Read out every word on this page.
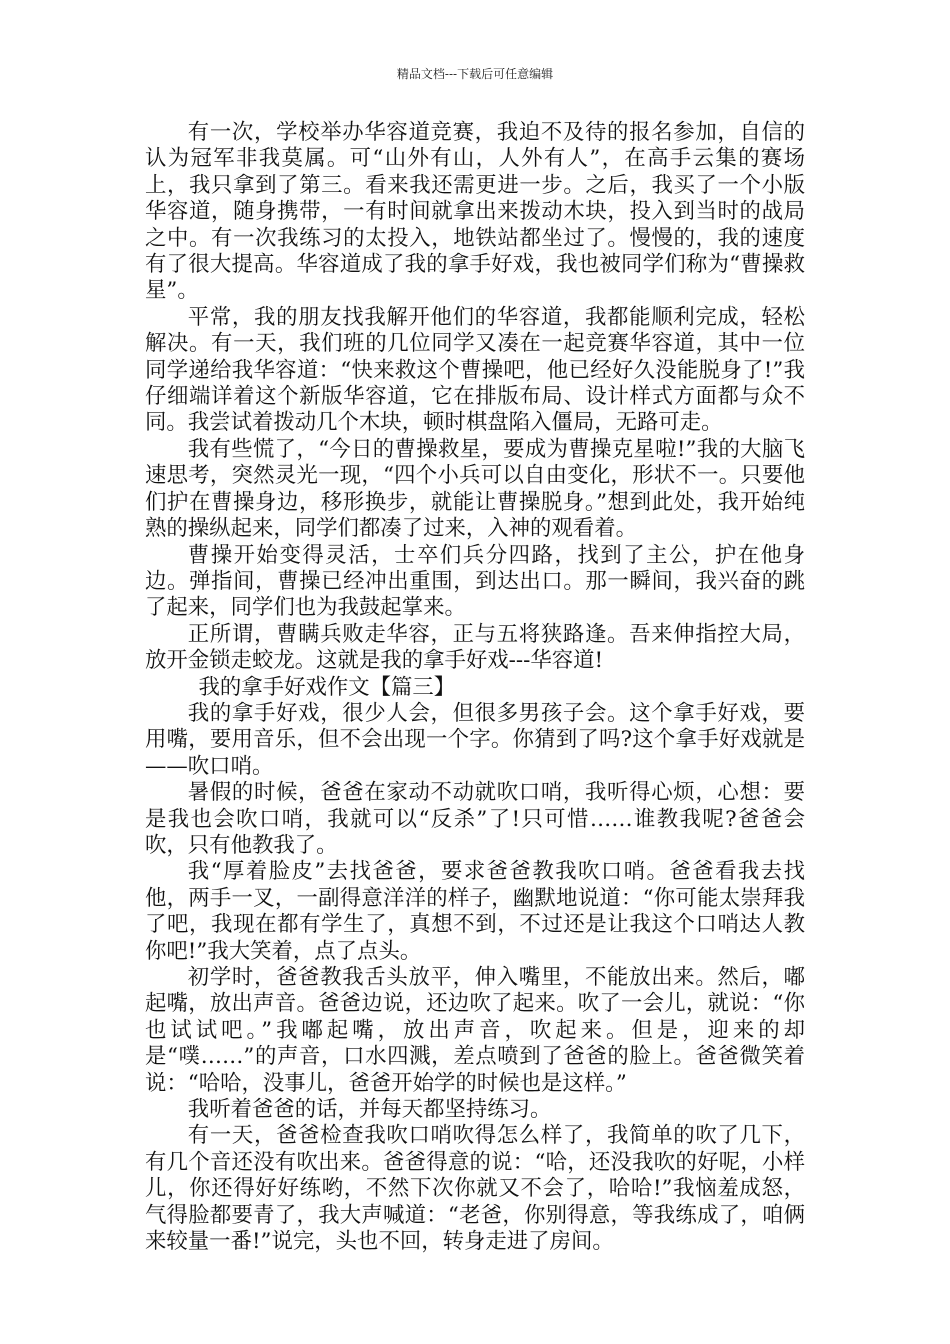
精品文档---下载后可任意编辑

有一次，学校举办华容道竞赛，我迫不及待的报名参加，自信的认为冠军非我莫属。可“山外有山，人外有人”，在高手云集的赛场上，我只拿到了第三。看来我还需更进一步。之后，我买了一个小版华容道，随身携带，一有时间就拿出来拨动木块，投入到当时的战局之中。有一次我练习的太投入，地铁站都坐过了。慢慢的，我的速度有了很大提高。华容道成了我的拿手好戏，我也被同学们称为“曹操救星”。

平常，我的朋友找我解开他们的华容道，我都能顺利完成，轻松解决。有一天，我们班的几位同学又凑在一起竞赛华容道，其中一位同学递给我华容道：“快来救这个曹操吧，他已经好久没能脱身了!”我仔细端详着这个新版华容道，它在排版布局、设计样式方面都与众不同。我尝试着拨动几个木块，顿时棋盘陷入僵局，无路可走。

我有些慌了，“今日的曹操救星，要成为曹操克星啦!”我的大脑飞速思考，突然灵光一现，“四个小兵可以自由变化，形状不一。只要他们护在曹操身边，移形换步，就能让曹操脱身。”想到此处，我开始纯熟的操纵起来，同学们都凑了过来，入神的观看着。

曹操开始变得灵活，士卒们兵分四路，找到了主公，护在他身边。弹指间，曹操已经冲出重围，到达出口。那一瞬间，我兴奋的跳了起来，同学们也为我鼓起掌来。

正所谓，曹瞒兵败走华容，正与五将狭路逢。吾来伸指控大局，放开金锁走蛟龙。这就是我的拿手好戏---华容道!

我的拿手好戏作文【篇三】

我的拿手好戏，很少人会，但很多男孩子会。这个拿手好戏，要用嘴，要用音乐，但不会出现一个字。你猜到了吗?这个拿手好戏就是——吹口哨。

暑假的时候，爸爸在家动不动就吹口哨，我听得心烦，心想：要是我也会吹口哨，我就可以“反杀”了!只可惜……谁教我呢?爸爸会吹，只有他教我了。

我“厚着脸皮”去找爸爸，要求爸爸教我吹口哨。爸爸看我去找他，两手一叉，一副得意洋洋的样子，幽默地说道：“你可能太崇拜我了吧，我现在都有学生了，真想不到，不过还是让我这个口哨达人教你吧!”我大笑着，点了点头。

初学时，爸爸教我舌头放平，伸入嘴里，不能放出来。然后，嘟起嘴，放出声音。爸爸边说，还边吹了起来。吹了一会儿，就说：“你也试试吧。”我嘟起嘴，放出声音，吹起来。但是，迎来的却是“噗……”的声音，口水四溅，差点喷到了爸爸的脸上。爸爸微笑着说：“哈哈，没事儿，爸爸开始学的时候也是这样。”

我听着爸爸的话，并每天都坚持练习。

有一天，爸爸检查我吹口哨吹得怎么样了，我简单的吹了几下，有几个音还没有吹出来。爸爸得意的说：“哈，还没我吹的好呢，小样儿，你还得好好练哟，不然下次你就又不会了，哈哈!”我恼羞成怒，气得脸都要青了，我大声喊道：“老爸，你别得意，等我练成了，咱俩来较量一番!”说完，头也不回，转身走进了房间。
